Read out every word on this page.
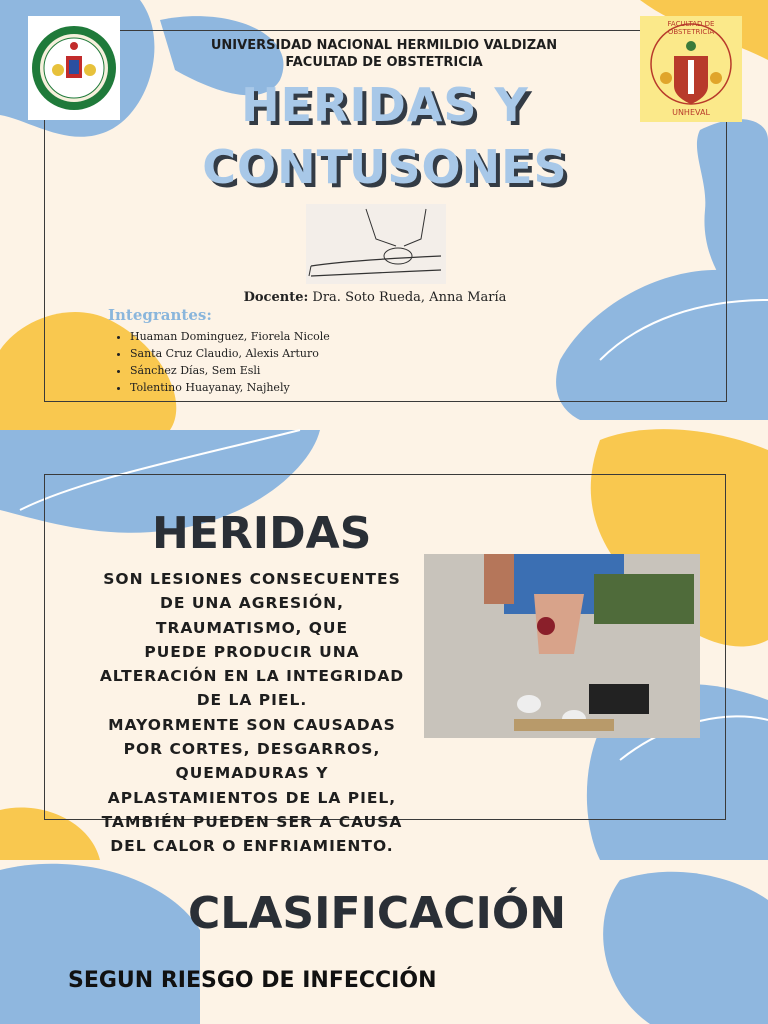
FACULTAD DE OBSTETRICIA
UNHEVAL
UNIVERSIDAD NACIONAL HERMILDIO VALDIZAN
FACULTAD DE OBSTETRICIA
HERIDAS Y
CONTUSONES
Docente: Dra. Soto Rueda, Anna María
Integrantes:
• Huaman Dominguez, Fiorela Nicole
• Santa Cruz Claudio, Alexis Arturo
• Sánchez Días, Sem Esli
• Tolentino Huayanay, Najhely
HERIDAS
SON LESIONES CONSECUENTES
DE UNA AGRESIÓN,
TRAUMATISMO, QUE
PUEDE PRODUCIR UNA
ALTERACIÓN EN LA INTEGRIDAD
DE LA PIEL.
MAYORMENTE SON CAUSADAS
POR CORTES, DESGARROS,
QUEMADURAS Y
APLASTAMIENTOS DE LA PIEL,
TAMBIÉN PUEDEN SER A CAUSA
DEL CALOR O ENFRIAMIENTO.
CLASIFICACIÓN
SEGUN RIESGO DE INFECCIÓN
